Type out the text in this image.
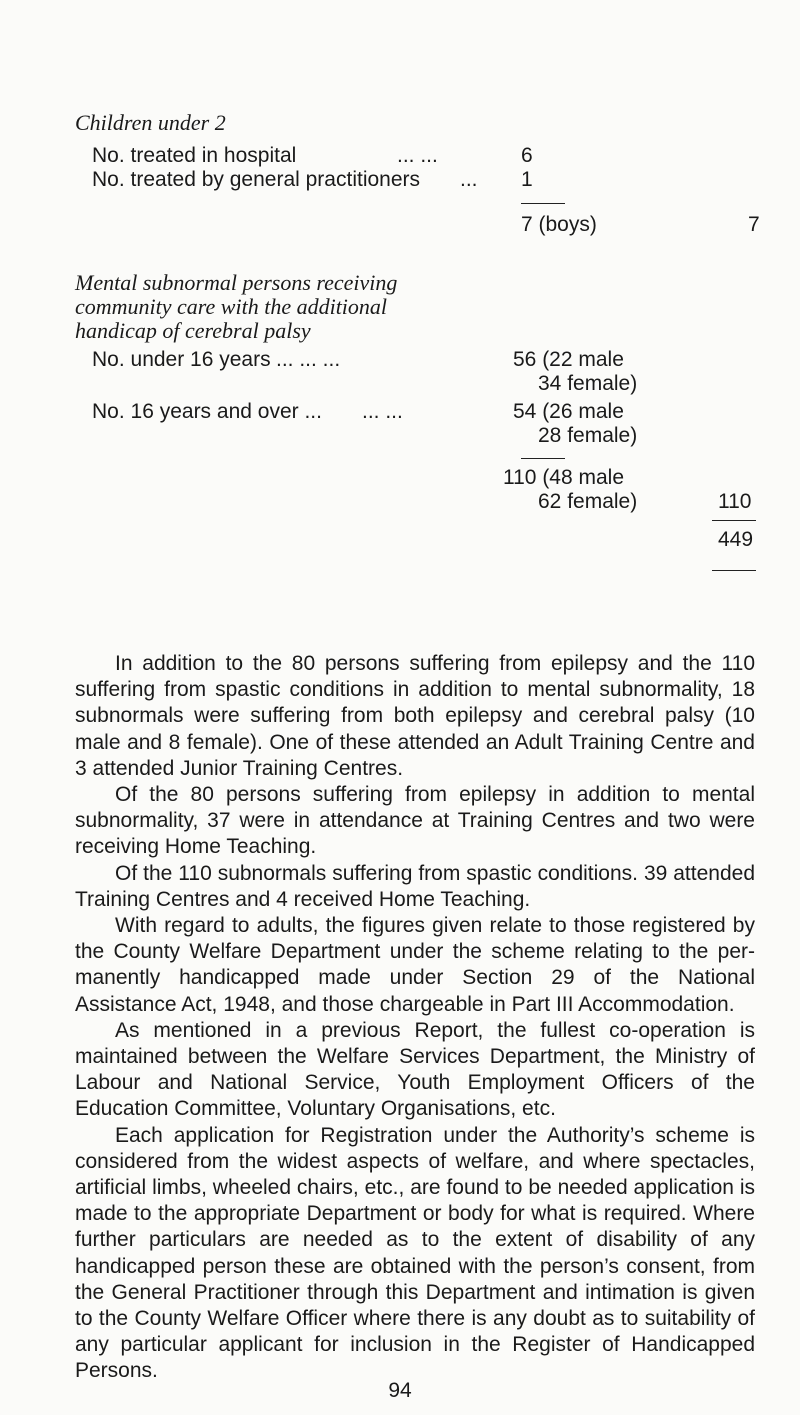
Children under 2
No. treated in hospital	... ...	6
No. treated by general practitioners ... 1
7 (boys)	7
Mental subnormal persons receiving
community care with the additional
handicap of cerebral palsy
No. under 16 years ... ... ...	56 (22 male
34 female)
No. 16 years and over ... ... ...	54 (26 male
28 female)
110 (48 male
62 female)	110
449

In addition to the 80 persons suffering from epilepsy and the 110 suffering from spastic conditions in addition to mental subnormality, 18 subnormals were suffering from both epilepsy and cerebral palsy (10 male and 8 female). One of these attended an Adult Training Centre and 3 attended Junior Training Centres.

Of the 80 persons suffering from epilepsy in addition to mental subnormality, 37 were in attendance at Training Centres and two were receiving Home Teaching.

Of the 110 subnormals suffering from spastic conditions. 39 attended Training Centres and 4 received Home Teaching.

With regard to adults, the figures given relate to those registered by the County Welfare Department under the scheme relating to the per-manently handicapped made under Section 29 of the National Assistance Act, 1948, and those chargeable in Part III Accommodation.

As mentioned in a previous Report, the fullest co-operation is maintained between the Welfare Services Department, the Ministry of Labour and National Service, Youth Employment Officers of the Education Committee, Voluntary Organisations, etc.

Each application for Registration under the Authority’s scheme is considered from the widest aspects of welfare, and where spectacles, artificial limbs, wheeled chairs, etc., are found to be needed application is made to the appropriate Department or body for what is required. Where further particulars are needed as to the extent of disability of any handicapped person these are obtained with the person’s consent, from the General Practitioner through this Department and intimation is given to the County Welfare Officer where there is any doubt as to suitability of any particular applicant for inclusion in the Register of Handicapped Persons.

94
